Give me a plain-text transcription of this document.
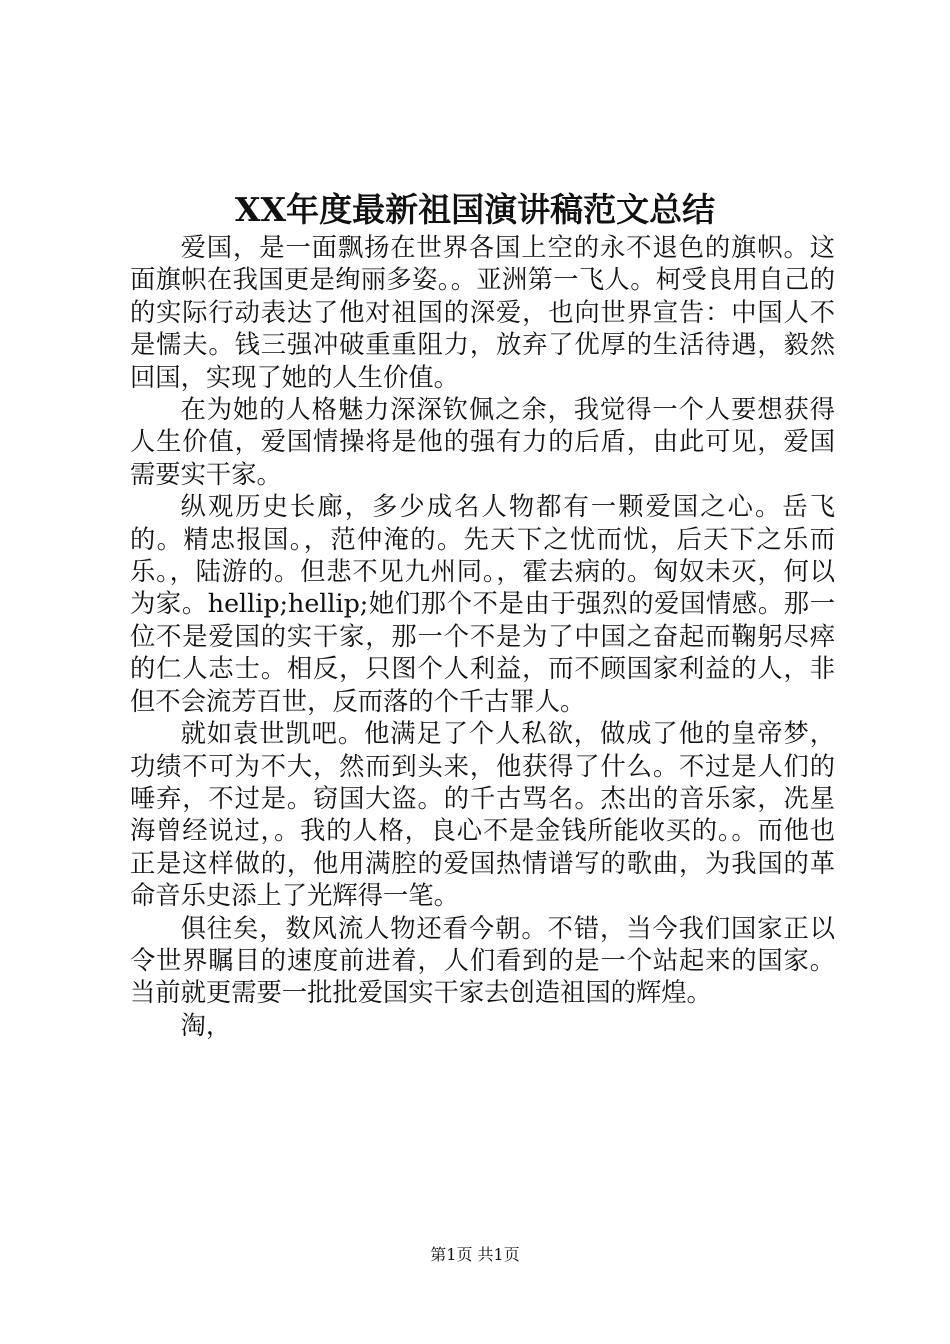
XX年度最新祖国演讲稿范文总结

爱国，是一面飘扬在世界各国上空的永不退色的旗帜。这面旗帜在我国更是绚丽多姿。。亚洲第一飞人。柯受良用自己的的实际行动表达了他对祖国的深爱，也向世界宣告：中国人不是懦夫。钱三强冲破重重阻力，放弃了优厚的生活待遇，毅然回国，实现了她的人生价值。

在为她的人格魅力深深钦佩之余，我觉得一个人要想获得人生价值，爱国情操将是他的强有力的后盾，由此可见，爱国需要实干家。

纵观历史长廊，多少成名人物都有一颗爱国之心。岳飞的。精忠报国。，范仲淹的。先天下之忧而忧，后天下之乐而乐。，陆游的。但悲不见九州同。，霍去病的。匈奴未灭，何以为家。hellip;hellip;她们那个不是由于强烈的爱国情感。那一位不是爱国的实干家，那一个不是为了中国之奋起而鞠躬尽瘁的仁人志士。相反，只图个人利益，而不顾国家利益的人，非但不会流芳百世，反而落的个千古罪人。

就如袁世凯吧。他满足了个人私欲，做成了他的皇帝梦，功绩不可为不大，然而到头来，他获得了什么。不过是人们的唾弃，不过是。窃国大盗。的千古骂名。杰出的音乐家，冼星海曾经说过，。我的人格，良心不是金钱所能收买的。。而他也正是这样做的，他用满腔的爱国热情谱写的歌曲，为我国的革命音乐史添上了光辉得一笔。

俱往矣，数风流人物还看今朝。不错，当今我们国家正以令世界瞩目的速度前进着，人们看到的是一个站起来的国家。当前就更需要一批批爱国实干家去创造祖国的辉煌。

淘，

第1页 共1页
